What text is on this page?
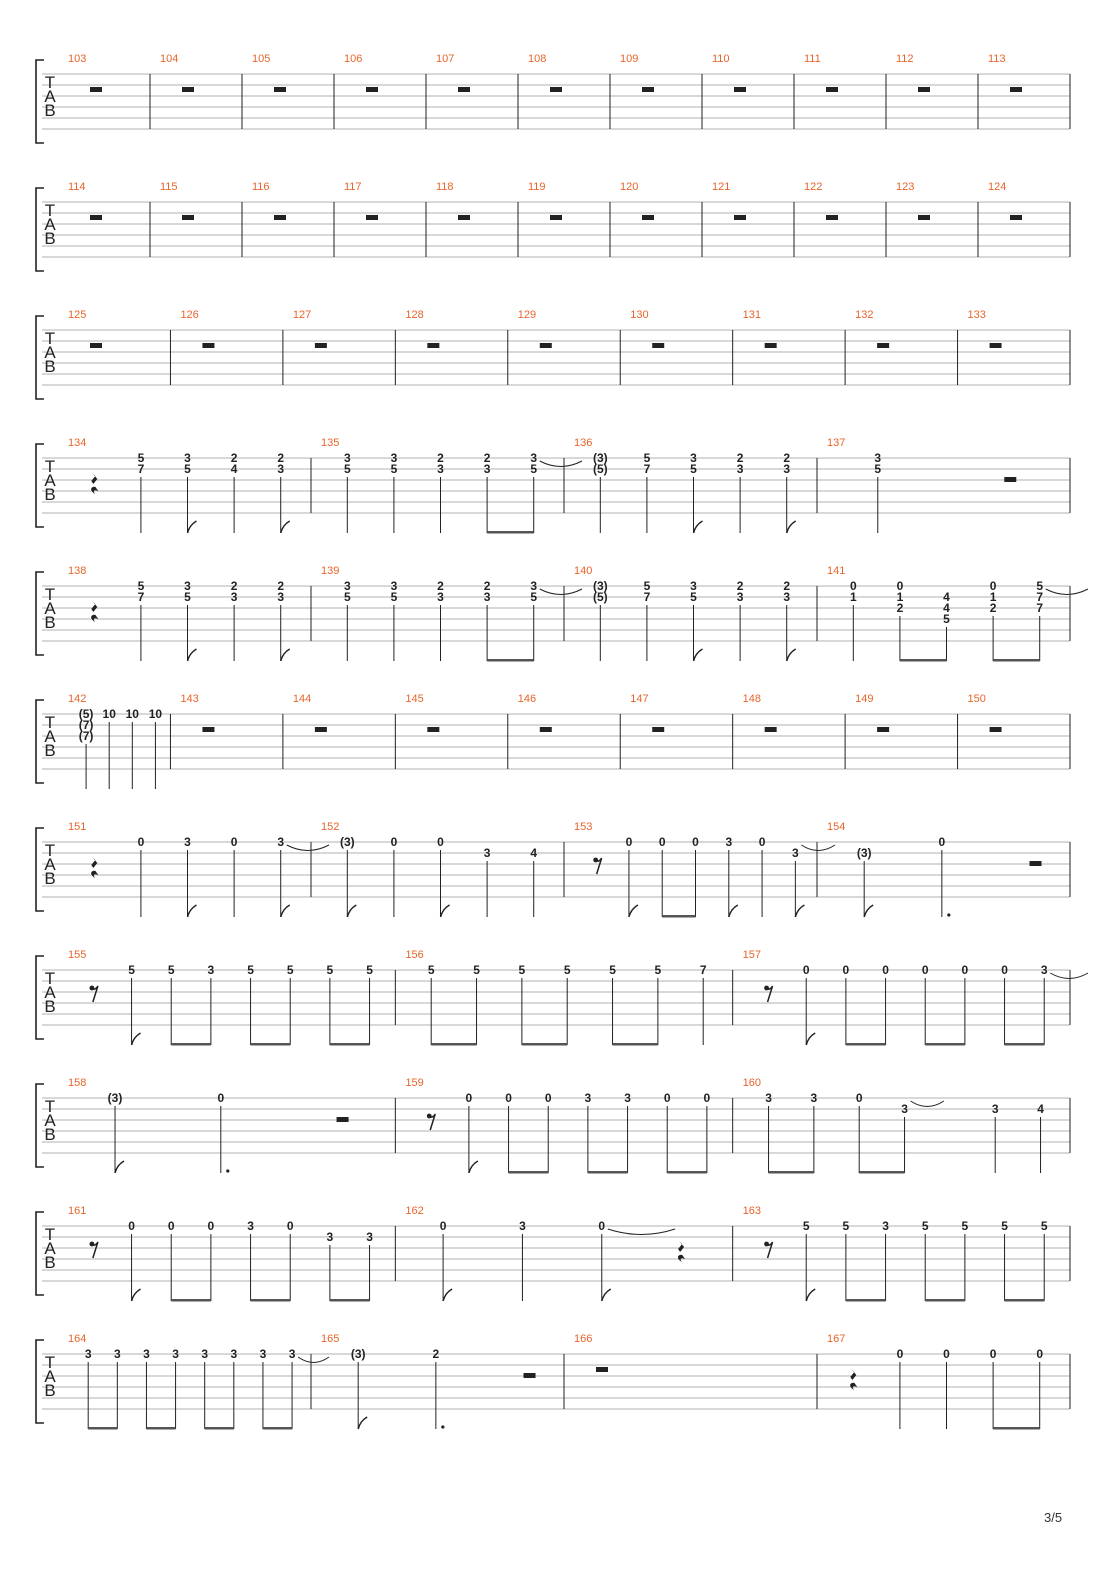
T
A
B
103	104	105	106	107	108	109	110	111	112	113
T
A
B
114	115	116	117	118	119	120	121	122	123	124
T
A
B
125	126	127	128	129	130	131	132	133
T
A
B
134
5
7
3
5
2
4
2
3
135
3
5
3
5
2
3
2
3
3
5
136
(3)
(5)
5
7
3
5
2
3
2
3
137
3
5
T
A
B
138
5
7
3
5
2
3
2
3
139
3
5
3
5
2
3
2
3
3
5
140
(3)
(5)
5
7
3
5
2
3
2
3
141
0
1
0
1
2
4
4
5
0
1
2
5
7
7
T
A
B
142
(5)
(7)
(7)
10 10 10
143	144	145	146	147	148	149	150
T
A
B
151
0	3	0	3
152
(3)	0	0
3	4
153
0 0 0 3 0
3
154
(3)
0
T
A
B
155
5	5	3	5	5	5	5
156
5	5	5	5	5	5	7
157
0	0	0	0	0	0	3
T
A
B
158
(3)	0
159
0	0	0	3	3	0	0
160
3	3	0
3	3	4
T
A
B
161
0	0	0	3	0
3	3
162
0	3	0
163
5	5	3	5	5	5	5
T
A
B
164
3 3 3 3 3 3 3 3
165
(3)	2
166	167
0	0	0	0
3/5
